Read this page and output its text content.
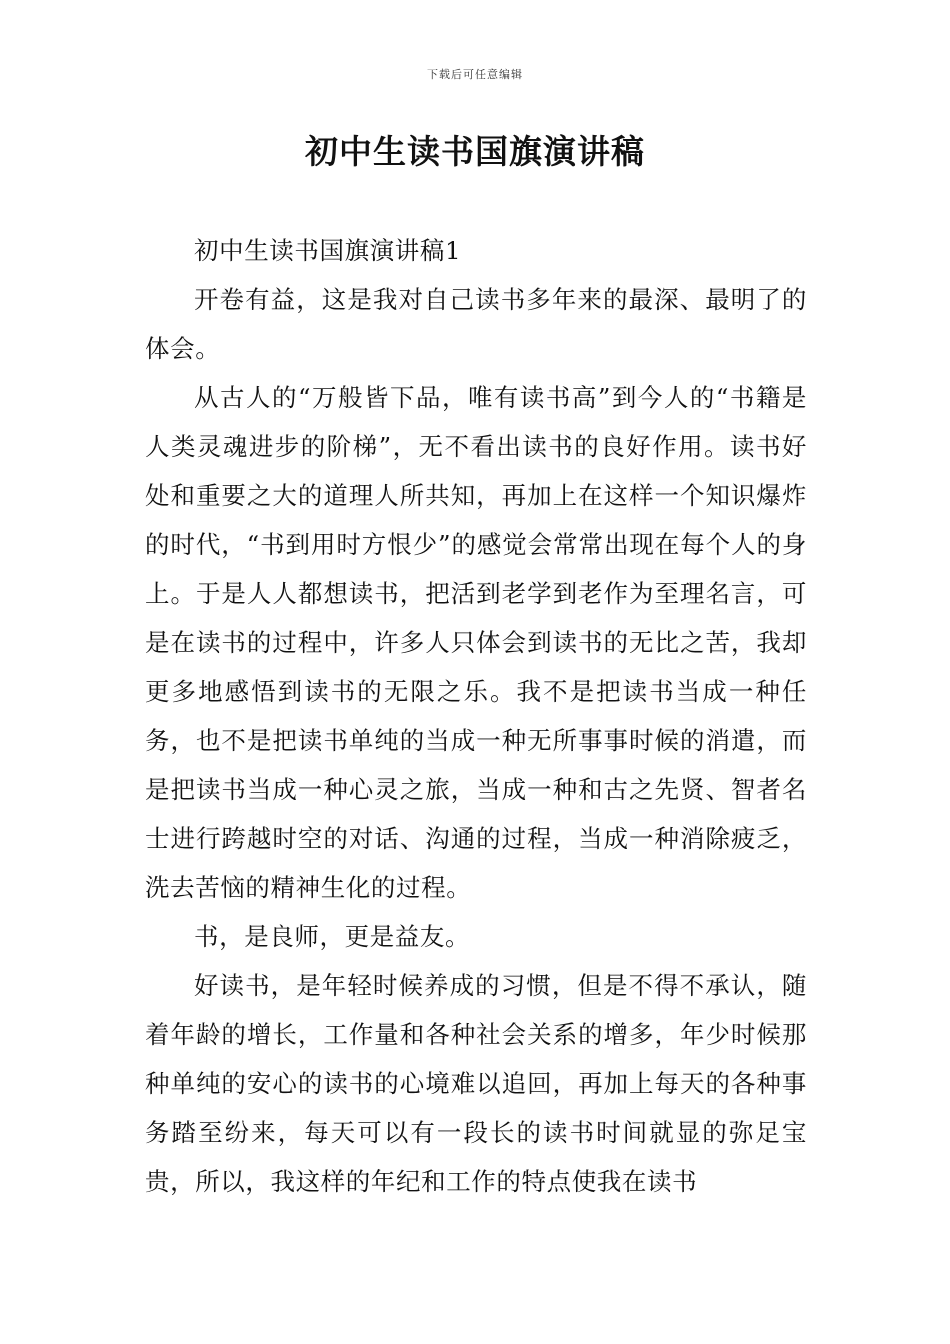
下载后可任意编辑
初中生读书国旗演讲稿

初中生读书国旗演讲稿1

开卷有益，这是我对自己读书多年来的最深、最明了的体会。

从古人的“万般皆下品，唯有读书高”到今人的“书籍是人类灵魂进步的阶梯”，无不看出读书的良好作用。读书好处和重要之大的道理人所共知，再加上在这样一个知识爆炸的时代，“书到用时方恨少”的感觉会常常出现在每个人的身上。于是人人都想读书，把活到老学到老作为至理名言，可是在读书的过程中，许多人只体会到读书的无比之苦，我却更多地感悟到读书的无限之乐。我不是把读书当成一种任务，也不是把读书单纯的当成一种无所事事时候的消遣，而是把读书当成一种心灵之旅，当成一种和古之先贤、智者名士进行跨越时空的对话、沟通的过程，当成一种消除疲乏，洗去苦恼的精神生化的过程。

书，是良师，更是益友。

好读书，是年轻时候养成的习惯，但是不得不承认，随着年龄的增长，工作量和各种社会关系的增多，年少时候那种单纯的安心的读书的心境难以追回，再加上每天的各种事务踏至纷来，每天可以有一段长的读书时间就显的弥足宝贵，所以，我这样的年纪和工作的特点使我在读书
